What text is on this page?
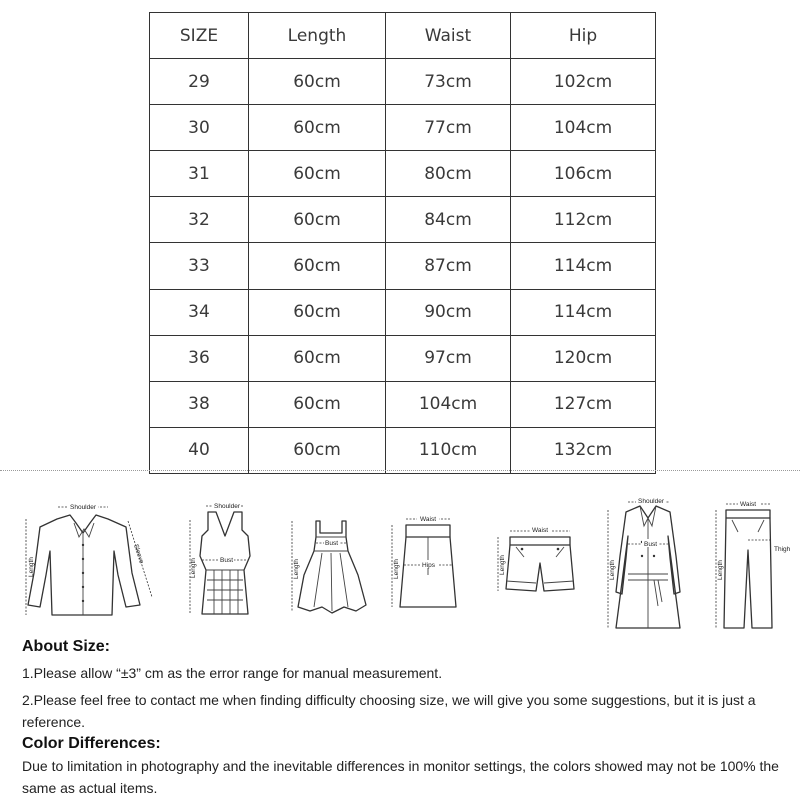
SIZE	Length	Waist	Hip
29	60cm	73cm	102cm
30	60cm	77cm	104cm
31	60cm	80cm	106cm
32	60cm	84cm	112cm
33	60cm	87cm	114cm
34	60cm	90cm	114cm
36	60cm	97cm	120cm
38	60cm	104cm	127cm
40	60cm	110cm	132cm
Shoulder
Length
Sleeve
Shoulder
Bust
Length
Bust
Length
Waist
Hips
Length
Waist
Length
Shoulder
Bust
Length
Waist
Thigh
Length

About Size:

1.Please allow “±3” cm as the error range for manual measurement.

2.Please feel free to contact me when finding difficulty choosing size, we will give you some suggestions, but it is just a reference.

Color Differences:

Due to limitation in photography and the inevitable differences in monitor settings, the colors showed may not be 100% the same as actual items.
